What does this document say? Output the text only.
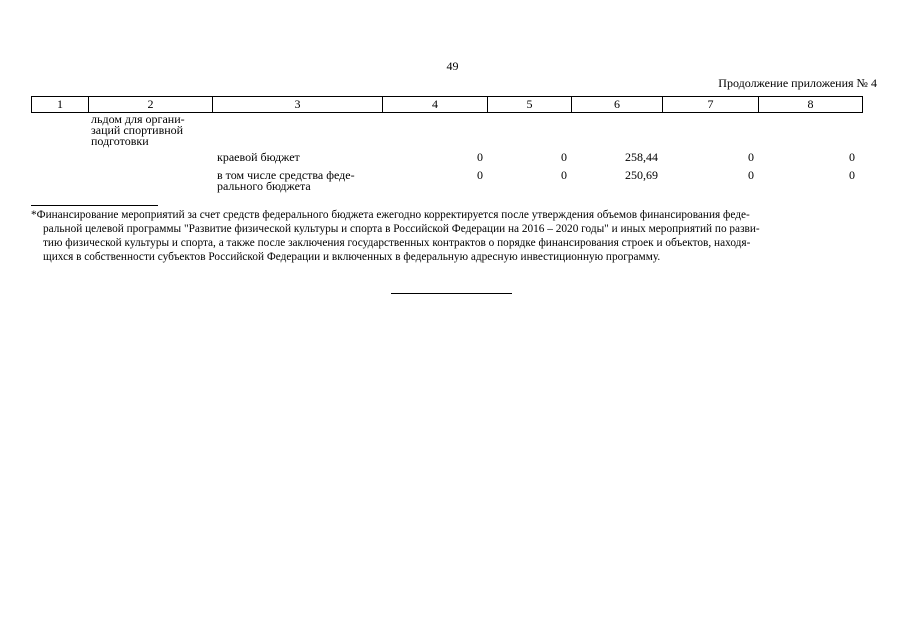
49
Продолжение приложения № 4
1	2	3	4	5	6	7	8
льдом для органи-
заций спортивной
подготовки
краевой бюджет	0	0	258,44	0	0
в том числе средства феде-
рального бюджета
0	0	250,69	0	0
*Финансирование мероприятий за счет средств федерального бюджета ежегодно корректируется после утверждения объемов финансирования феде-
ральной целевой программы "Развитие физической культуры и спорта в Российской Федерации на 2016 – 2020 годы" и иных мероприятий по разви-
тию физической культуры и спорта, а также после заключения государственных контрактов о порядке финансирования строек и объектов, находя-
щихся в собственности субъектов Российской Федерации и включенных в федеральную адресную инвестиционную программу.
